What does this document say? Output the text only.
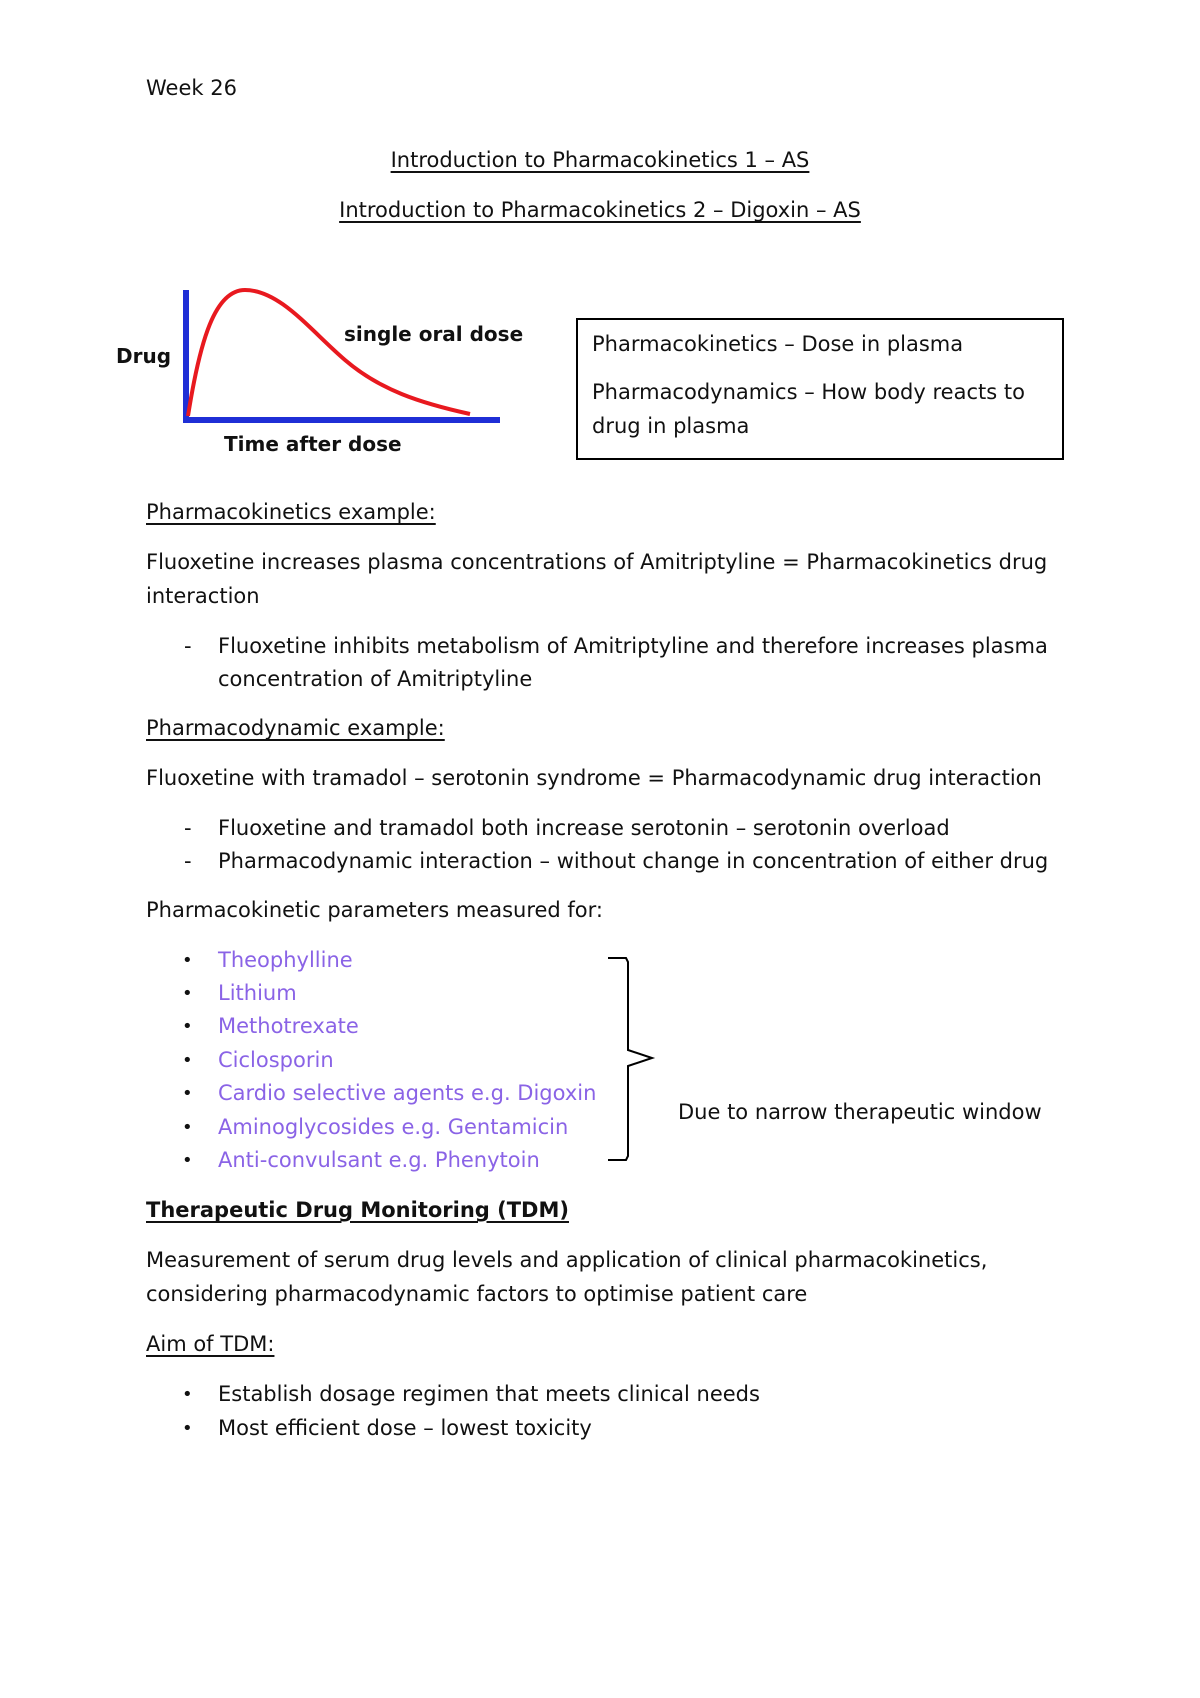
Week 26
Introduction to Pharmacokinetics 1 – AS
Introduction to Pharmacokinetics 2 – Digoxin – AS
Drug
Time after dose
single oral dose	Pharmacokinetics – Dose in plasma
Pharmacodynamics – How body reacts to
drug in plasma
Pharmacokinetics example:
Fluoxetine increases plasma concentrations of Amitriptyline = Pharmacokinetics drug
interaction
- Fluoxetine inhibits metabolism of Amitriptyline and therefore increases plasma
concentration of Amitriptyline
Pharmacodynamic example:
Fluoxetine with tramadol – serotonin syndrome = Pharmacodynamic drug interaction
- Fluoxetine and tramadol both increase serotonin – serotonin overload
- Pharmacodynamic interaction – without change in concentration of either drug
Pharmacokinetic parameters measured for:
• Theophylline
• Lithium
• Methotrexate
• Ciclosporin
• Cardio selective agents e.g. Digoxin
• Aminoglycosides e.g. Gentamicin
• Anti-convulsant e.g. Phenytoin
Due to narrow therapeutic window
Therapeutic Drug Monitoring (TDM)
Measurement of serum drug levels and application of clinical pharmacokinetics,
considering pharmacodynamic factors to optimise patient care
Aim of TDM:
• Establish dosage regimen that meets clinical needs
• Most efficient dose – lowest toxicity
